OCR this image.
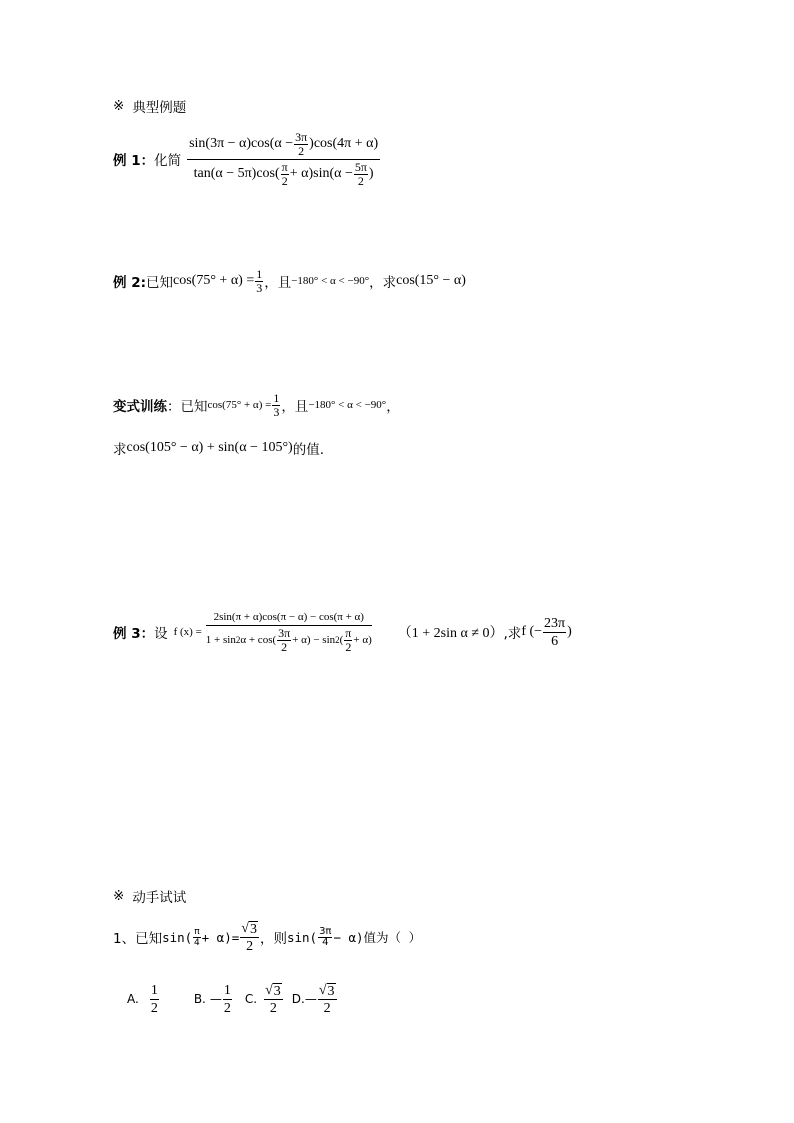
※ 典型例题
例 1： 化简 $\frac{\sin(3\pi - \alpha)\cos(\alpha - \frac{3\pi}{2} )\cos(4\pi + \alpha)}{\tan(\alpha - 5\pi)\cos( \frac{\pi}{2} + \alpha)\sin(\alpha - \frac{5\pi}{2} )}$
例 2: 已知 $\cos(75^\circ + \alpha) = \frac{1}{3}$ ，且 −180° < α < −90° ，求 cos(15° − α)
变式训练 ：已知 $\cos(75^\circ + \alpha) = \frac{1}{3}$ ，且 −180° < α < −90° ，
求 cos(105° − α) + sin(α − 105°) 的值.
例 3： 设 f (x) =
2sin(π + α)cos(π − α) − cos(π + α)
1 + sin 2 $\alpha + \cos( \frac{3\pi}{2} + \alpha) - \sin 2$ ( $\frac{\pi}{2} + \alpha$) （1 + 2sin α ≠ 0） ,求 f (− $\frac{23\pi}{6}$ )
※ 动手试试
1、已知 $\sin( \frac{\pi}{4} + \alpha)= \frac{√ 3}{2}$ ，则 $\sin( \frac{3\pi}{4} - \alpha)$值为（ ）
A. $\frac{1}{2}$	B. — $\frac{1}{2} C$. $\frac{√ 3}{2} D$. — $\frac{√ 3}{2}$
